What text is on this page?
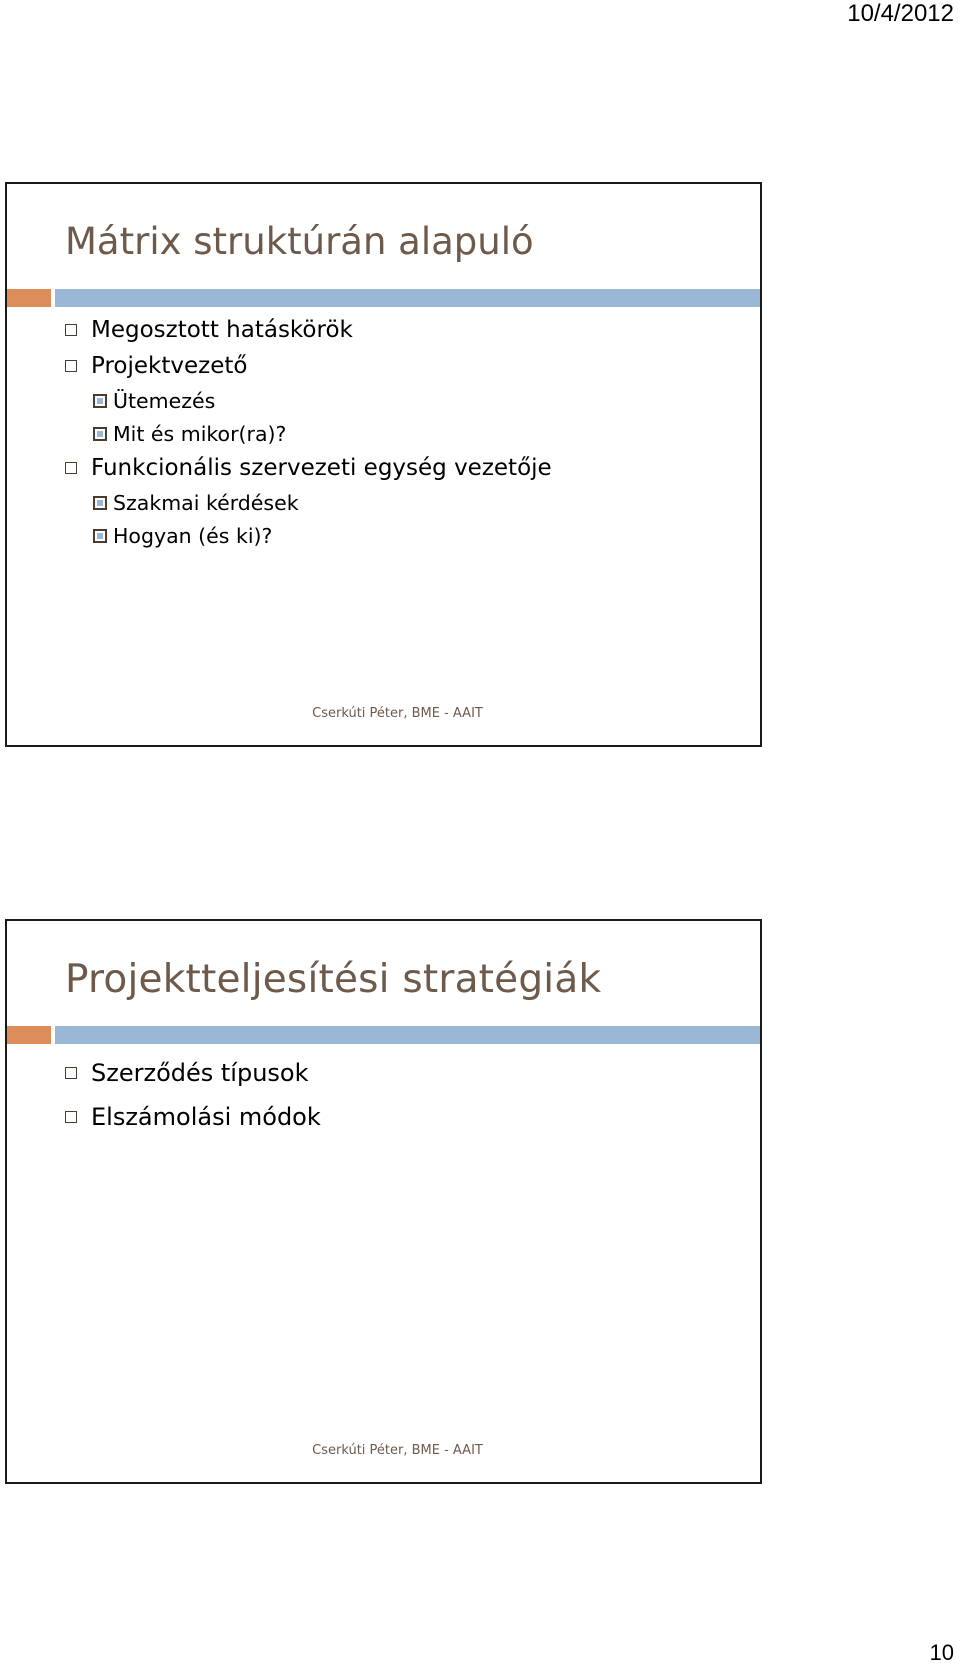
10/4/2012
Mátrix struktúrán alapuló
Megosztott hatáskörök
Projektvezető
Ütemezés
Mit és mikor(ra)?
Funkcionális szervezeti egység vezetője
Szakmai kérdések
Hogyan (és ki)?
Cserkúti Péter, BME - AAIT
Projektteljesítési stratégiák
Szerződés típusok
Elszámolási módok
Cserkúti Péter, BME - AAIT
10
